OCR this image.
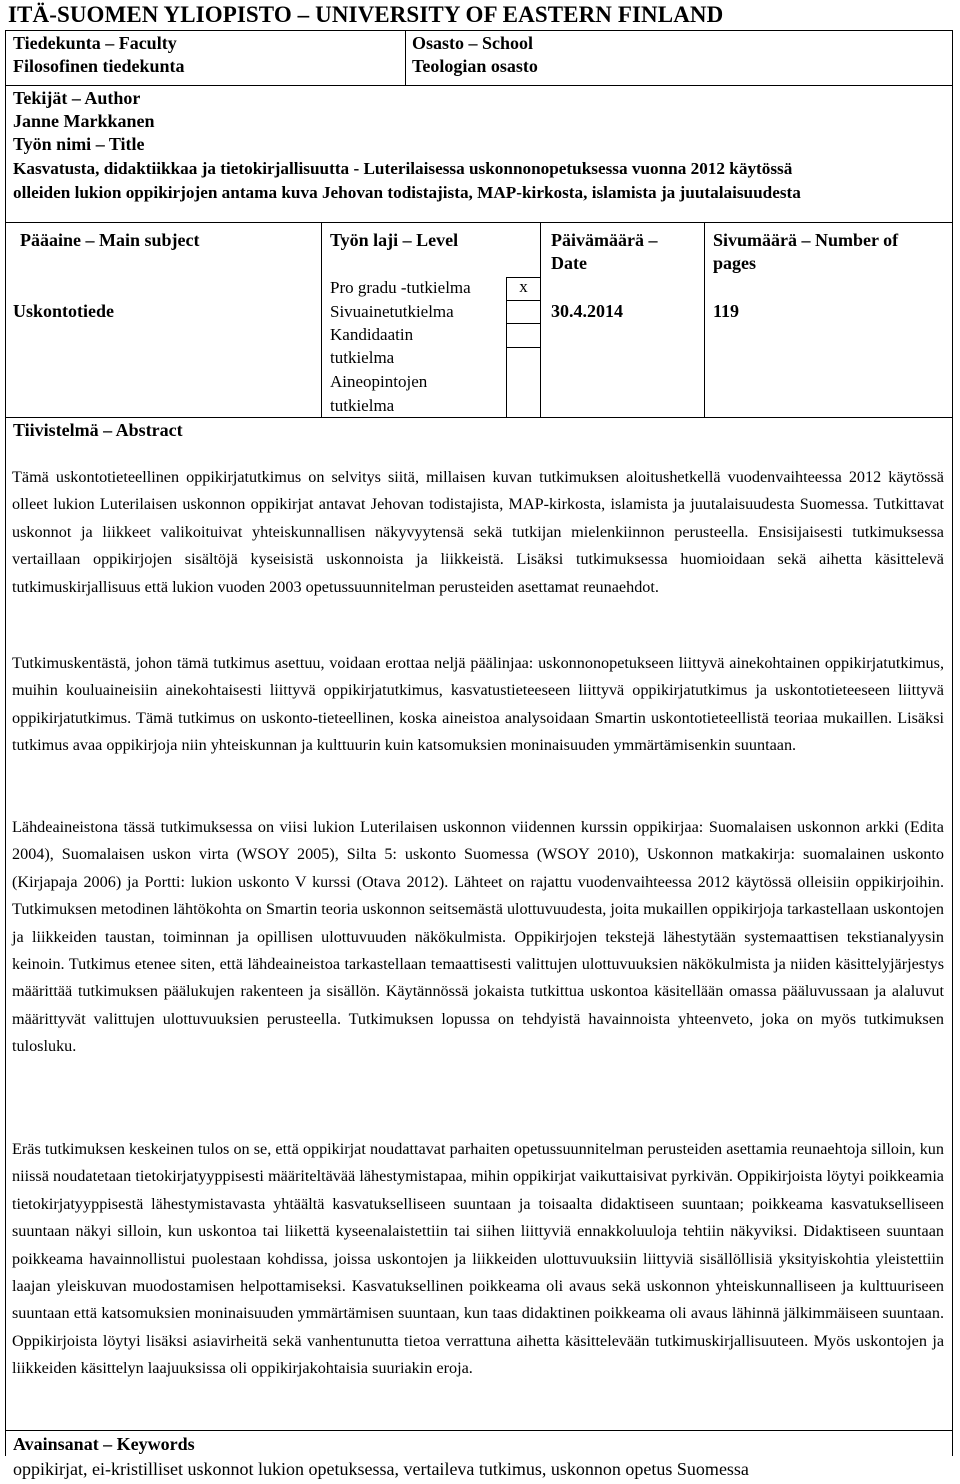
ITÄ-SUOMEN YLIOPISTO – UNIVERSITY OF EASTERN FINLAND
Tiedekunta – Faculty
Filosofinen tiedekunta
Osasto – School
Teologian osasto
Tekijät – Author
Janne Markkanen
Työn nimi – Title
Kasvatusta, didaktiikkaa ja tietokirjallisuutta - Luterilaisessa uskonnonopetuksessa vuonna 2012 käytössä
olleiden lukion oppikirjojen antama kuva Jehovan todistajista, MAP-kirkosta, islamista ja juutalaisuudesta
Pääaine – Main subject
Uskontotiede
Työn laji – Level
Pro gradu -tutkielma
Sivuainetutkielma
Kandidaatin
tutkielma
Aineopintojen
tutkielma
x
Päivämäärä –
Date
30.4.2014
Sivumäärä – Number of
pages
119
Tiivistelmä – Abstract

Tämä uskontotieteellinen oppikirjatutkimus on selvitys siitä, millaisen kuvan tutkimuksen aloitushetkellä vuodenvaihteessa 2012 käytössä olleet lukion Luterilaisen uskonnon oppikirjat antavat Jehovan todistajista, MAP-kirkosta, islamista ja juutalaisuudesta Suomessa. Tutkittavat uskonnot ja liikkeet valikoituivat yhteiskunnallisen näkyvyytensä sekä tutkijan mielenkiinnon perusteella. Ensisijaisesti tutkimuksessa vertaillaan oppikirjojen sisältöjä kyseisistä uskonnoista ja liikkeistä. Lisäksi tutkimuksessa huomioidaan sekä aihetta käsittelevä tutkimuskirjallisuus että lukion vuoden 2003 opetussuunnitelman perusteiden asettamat reunaehdot.

Tutkimuskentästä, johon tämä tutkimus asettuu, voidaan erottaa neljä päälinjaa: uskonnonopetukseen liittyvä ainekohtainen oppikirjatutkimus, muihin kouluaineisiin ainekohtaisesti liittyvä oppikirjatutkimus, kasvatustieteeseen liittyvä oppikirjatutkimus ja uskontotieteeseen liittyvä oppikirjatutkimus. Tämä tutkimus on uskonto-tieteellinen, koska aineistoa analysoidaan Smartin uskontotieteellistä teoriaa mukaillen. Lisäksi tutkimus avaa oppikirjoja niin yhteiskunnan ja kulttuurin kuin katsomuksien moninaisuuden ymmärtämisenkin suuntaan.

Lähdeaineistona tässä tutkimuksessa on viisi lukion Luterilaisen uskonnon viidennen kurssin oppikirjaa: Suomalaisen uskonnon arkki (Edita 2004), Suomalaisen uskon virta (WSOY 2005), Silta 5: uskonto Suomessa (WSOY 2010), Uskonnon matkakirja: suomalainen uskonto (Kirjapaja 2006) ja Portti: lukion uskonto V kurssi (Otava 2012). Lähteet on rajattu vuodenvaihteessa 2012 käytössä olleisiin oppikirjoihin. Tutkimuksen metodinen lähtökohta on Smartin teoria uskonnon seitsemästä ulottuvuudesta, joita mukaillen oppikirjoja tarkastellaan uskontojen ja liikkeiden taustan, toiminnan ja opillisen ulottuvuuden näkökulmista. Oppikirjojen tekstejä lähestytään systemaattisen tekstianalyysin keinoin. Tutkimus etenee siten, että lähdeaineistoa tarkastellaan temaattisesti valittujen ulottuvuuksien näkökulmista ja niiden käsittelyjärjestys määrittää tutkimuksen päälukujen rakenteen ja sisällön. Käytännössä jokaista tutkittua uskontoa käsitellään omassa pääluvussaan ja alaluvut määrittyvät valittujen ulottuvuuksien perusteella. Tutkimuksen lopussa on tehdyistä havainnoista yhteenveto, joka on myös tutkimuksen tulosluku.

Eräs tutkimuksen keskeinen tulos on se, että oppikirjat noudattavat parhaiten opetussuunnitelman perusteiden asettamia reunaehtoja silloin, kun niissä noudatetaan tietokirjatyyppisesti määriteltävää lähestymistapaa, mihin oppikirjat vaikuttaisivat pyrkivän. Oppikirjoista löytyi poikkeamia tietokirjatyyppisestä lähestymistavasta yhtäältä kasvatukselliseen suuntaan ja toisaalta didaktiseen suuntaan; poikkeama kasvatukselliseen suuntaan näkyi silloin, kun uskontoa tai liikettä kyseenalaistettiin tai siihen liittyviä ennakkoluuloja tehtiin näkyviksi. Didaktiseen suuntaan poikkeama havainnollistui puolestaan kohdissa, joissa uskontojen ja liikkeiden ulottuvuuksiin liittyviä sisällöllisiä yksityiskohtia yleistettiin laajan yleiskuvan muodostamisen helpottamiseksi. Kasvatuksellinen poikkeama oli avaus sekä uskonnon yhteiskunnalliseen ja kulttuuriseen suuntaan että katsomuksien moninaisuuden ymmärtämisen suuntaan, kun taas didaktinen poikkeama oli avaus lähinnä jälkimmäiseen suuntaan. Oppikirjoista löytyi lisäksi asiavirheitä sekä vanhentunutta tietoa verrattuna aihetta käsittelevään tutkimuskirjallisuuteen. Myös uskontojen ja liikkeiden käsittelyn laajuuksissa oli oppikirjakohtaisia suuriakin eroja.

Avainsanat – Keywords
oppikirjat, ei-kristilliset uskonnot lukion opetuksessa, vertaileva tutkimus, uskonnon opetus Suomessa
